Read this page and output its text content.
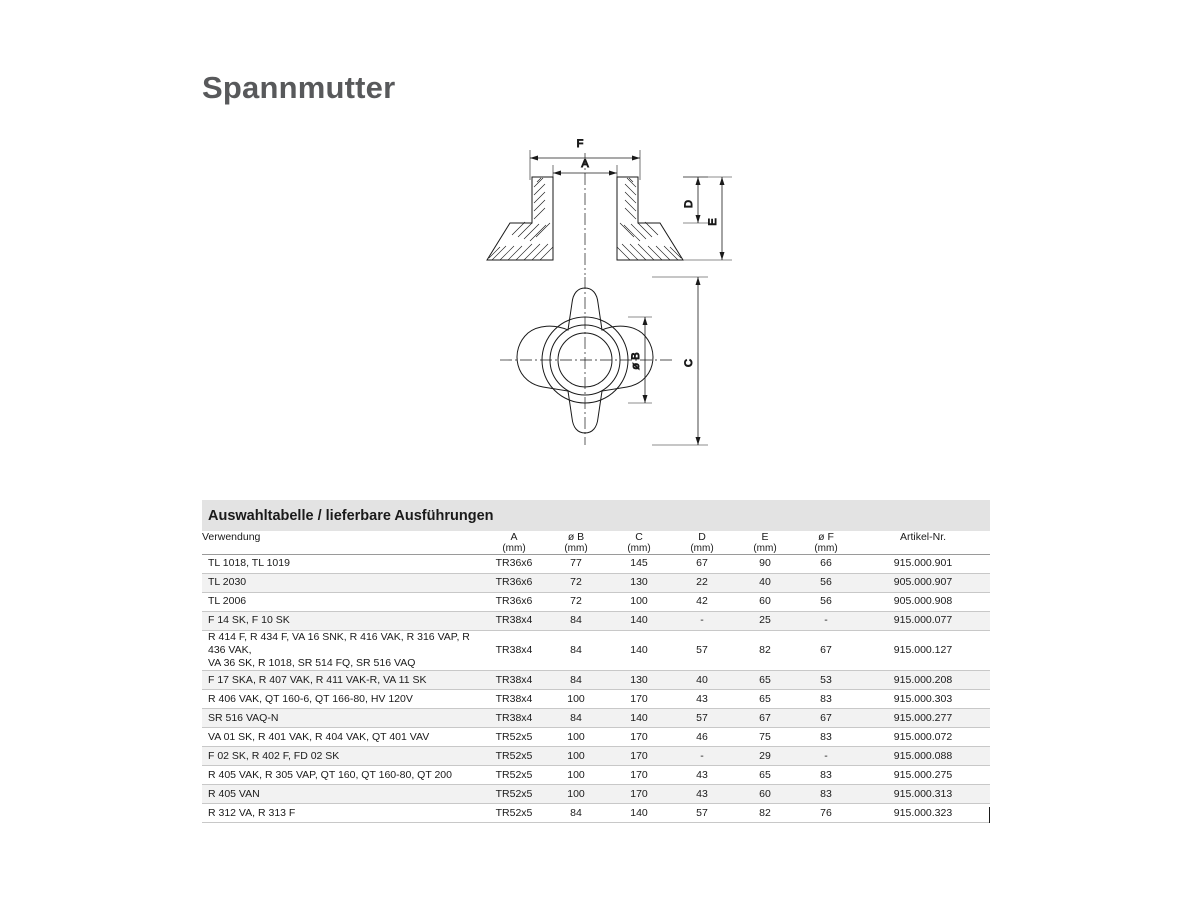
Spannmutter
F
A
D
E
ø B	C
Auswahltabelle / lieferbare Ausführungen
Verwendung	A	ø B	C	D	E	ø F	Artikel-Nr.
	(mm)	(mm)	(mm)	(mm)	(mm)	(mm)	
TL 1018, TL 1019	TR36x6	77	145	67	90	66	915.000.901
TL 2030	TR36x6	72	130	22	40	56	905.000.907
TL 2006	TR36x6	72	100	42	60	56	905.000.908
F 14 SK, F 10 SK	TR38x4	84	140	-	25	-	915.000.077

R 414 F, R 434 F, VA 16 SNK, R 416 VAK, R 316 VAP, R 436 VAK,
VA 36 SK, R 1018, SR 514 FQ, SR 516 VAQ	TR38x4	84	140	57	82	67	915.000.127
F 17 SKA, R 407 VAK, R 411 VAK-R, VA 11 SK	TR38x4	84	130	40	65	53	915.000.208
R 406 VAK, QT 160-6, QT 166-80, HV 120V	TR38x4	100	170	43	65	83	915.000.303
SR 516 VAQ-N	TR38x4	84	140	57	67	67	915.000.277
VA 01 SK, R 401 VAK, R 404 VAK, QT 401 VAV	TR52x5	100	170	46	75	83	915.000.072
F 02 SK, R 402 F, FD 02 SK	TR52x5	100	170	-	29	-	915.000.088
R 405 VAK, R 305 VAP, QT 160, QT 160-80, QT 200	TR52x5	100	170	43	65	83	915.000.275
R 405 VAN	TR52x5	100	170	43	60	83	915.000.313
R 312 VA, R 313 F	TR52x5	84	140	57	82	76	915.000.323
